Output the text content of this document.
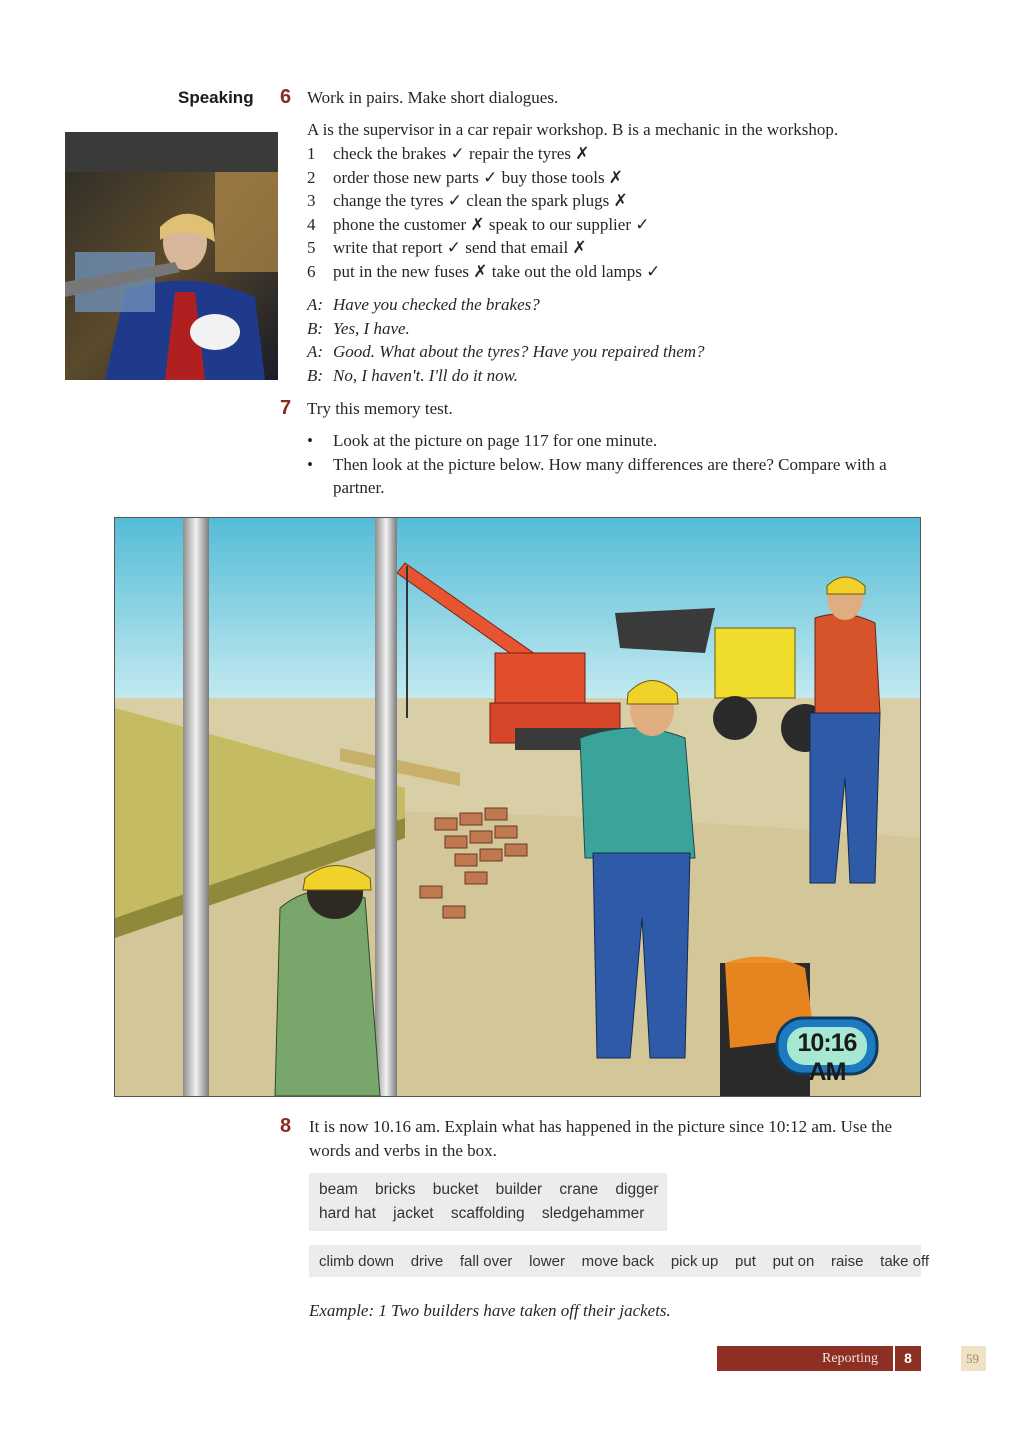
Speaking 6 Work in pairs. Make short dialogues.
A is the supervisor in a car repair workshop. B is a mechanic in the workshop.
1	check the brakes ✓ repair the tyres ✗
2	order those new parts ✓ buy those tools ✗
3	change the tyres ✓ clean the spark plugs ✗
4	phone the customer ✗ speak to our supplier ✓
5	write that report ✓ send that email ✗
6	put in the new fuses ✗ take out the old lamps ✓
A: Have you checked the brakes?
B: Yes, I have.
A: Good. What about the tyres? Have you repaired them?
B: No, I haven't. I'll do it now.
7 Try this memory test.
•	Look at the picture on page 117 for one minute.
•	Then look at the picture below. How many differences are there? Compare with a partner.
10:16 AM
8 It is now 10.16 am. Explain what has happened in the picture since 10:12 am. Use the words and verbs in the box.
beam bricks bucket builder crane digger
hard hat jacket scaffolding sledgehammer
climb down drive fall over lower move back pick up put put on raise take off
Example: 1 Two builders have taken off their jackets.
Reporting	8	59
